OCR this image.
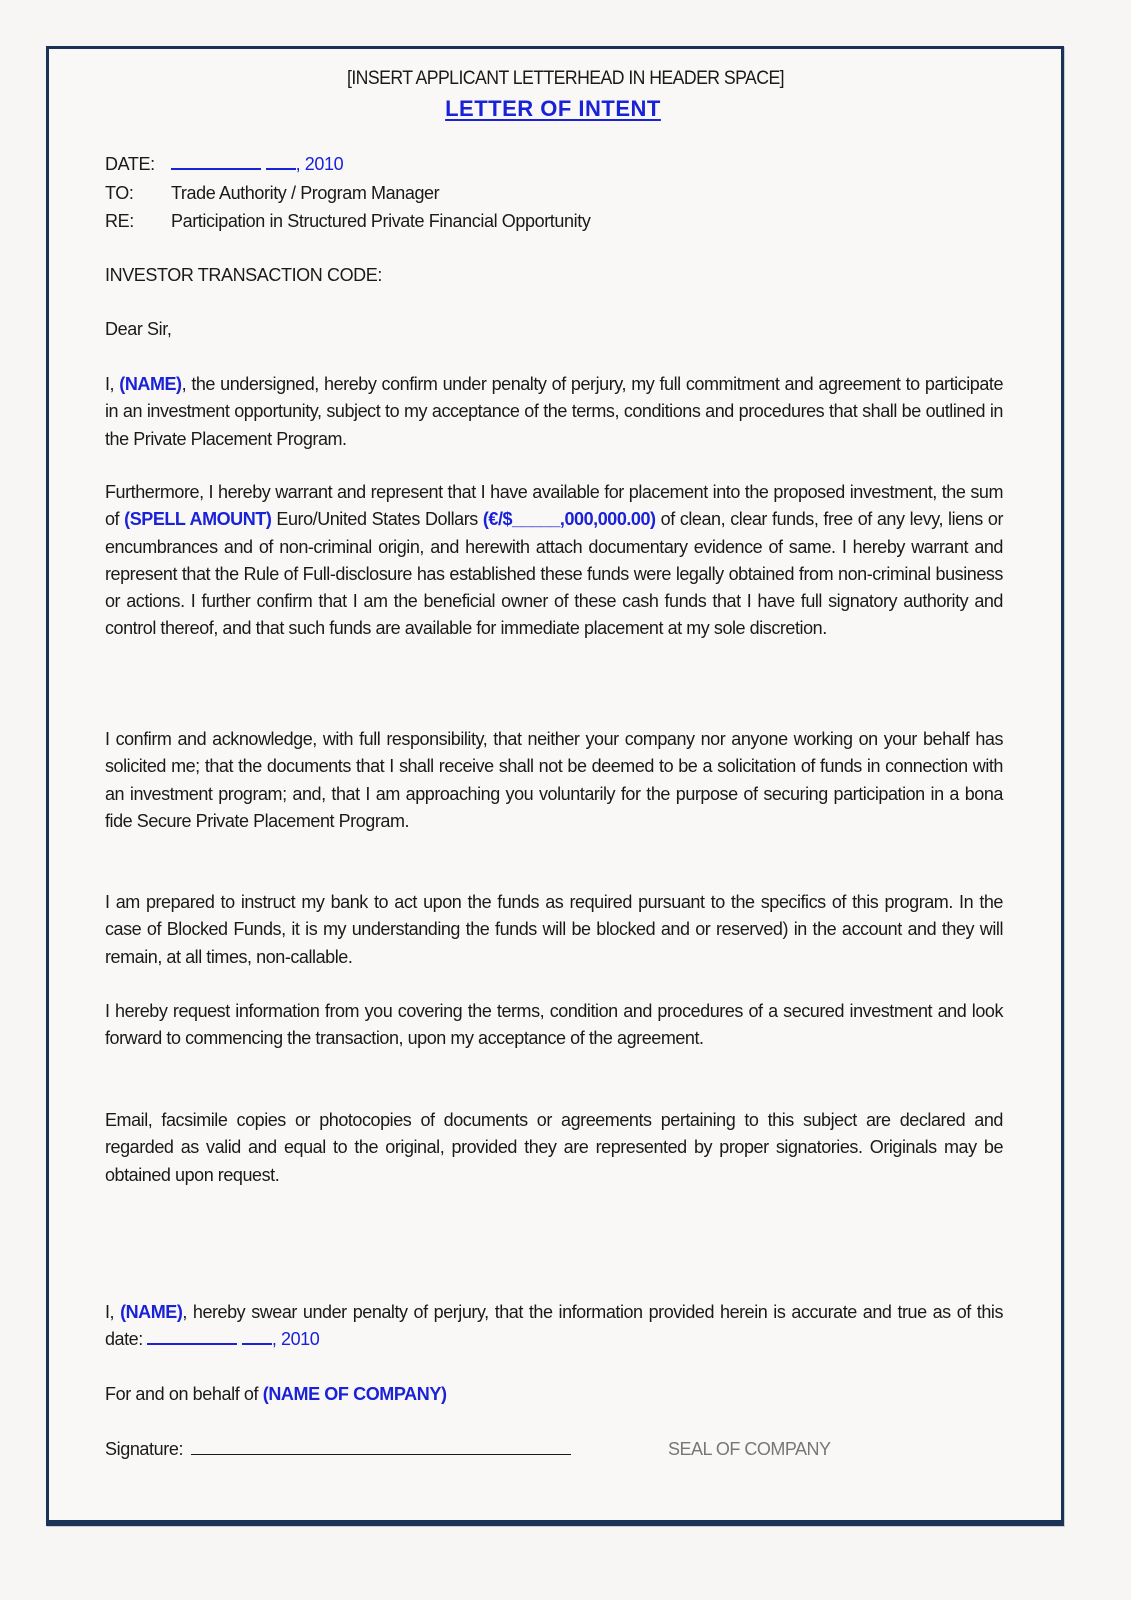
[INSERT APPLICANT LETTERHEAD IN HEADER SPACE]
LETTER OF INTENT
DATE:	, 2010
TO: Trade Authority / Program Manager
RE: Participation in Structured Private Financial Opportunity
INVESTOR TRANSACTION CODE:
Dear Sir,
I, (NAME), the undersigned, hereby confirm under penalty of perjury, my full commitment and agreement to participate in an investment opportunity, subject to my acceptance of the terms, conditions and procedures that shall be outlined in the Private Placement Program.
Furthermore, I hereby warrant and represent that I have available for placement into the proposed investment, the sum of (SPELL AMOUNT) Euro/United States Dollars (€/$_____,000,000.00) of clean, clear funds, free of any levy, liens or encumbrances and of non-criminal origin, and herewith attach documentary evidence of same. I hereby warrant and represent that the Rule of Full-disclosure has established these funds were legally obtained from non-criminal business or actions. I further confirm that I am the beneficial owner of these cash funds that I have full signatory authority and control thereof, and that such funds are available for immediate placement at my sole discretion.
I confirm and acknowledge, with full responsibility, that neither your company nor anyone working on your behalf has solicited me; that the documents that I shall receive shall not be deemed to be a solicitation of funds in connection with an investment program; and, that I am approaching you voluntarily for the purpose of securing participation in a bona fide Secure Private Placement Program.
I am prepared to instruct my bank to act upon the funds as required pursuant to the specifics of this program. In the case of Blocked Funds, it is my understanding the funds will be blocked and or reserved) in the account and they will remain, at all times, non-callable.
I hereby request information from you covering the terms, condition and procedures of a secured investment and look forward to commencing the transaction, upon my acceptance of the agreement.
Email, facsimile copies or photocopies of documents or agreements pertaining to this subject are declared and regarded as valid and equal to the original, provided they are represented by proper signatories. Originals may be obtained upon request.
I, (NAME), hereby swear under penalty of perjury, that the information provided herein is accurate and true as of this date:	, 2010
For and on behalf of (NAME OF COMPANY)
Signature:	SEAL OF COMPANY
